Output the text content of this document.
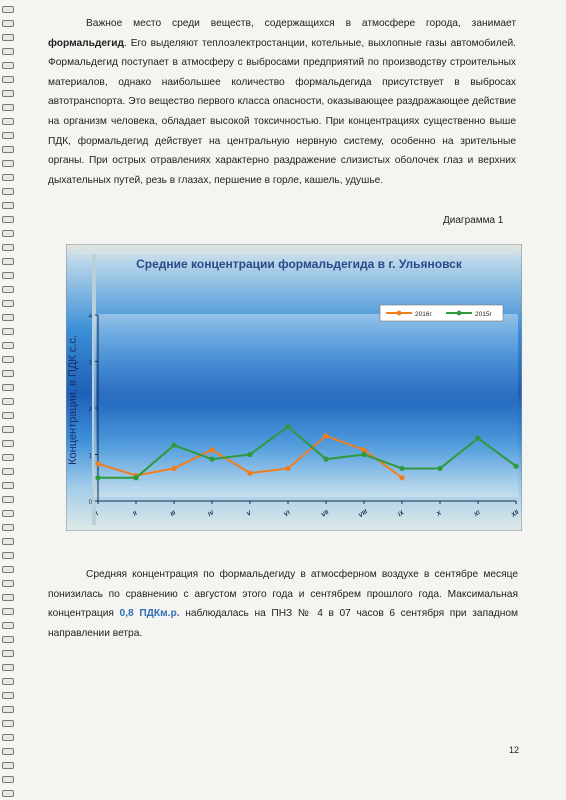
Важное место среди веществ, содержащихся в атмосфере города, занимает формальдегид. Его выделяют теплоэлектростанции, котельные, выхлопные газы автомобилей. Формальдегид поступает в атмосферу с выбросами предприятий по производству строительных материалов, однако наибольшее количество формальдегида присутствует в выбросах автотранспорта. Это вещество первого класса опасности, оказывающее раздражающее действие на организм человека, обладает высокой токсичностью. При концентрациях существенно выше ПДК, формальдегид действует на центральную нервную систему, особенно на зрительные органы. При острых отравлениях характерно раздражение слизистых оболочек глаз и верхних дыхательных путей, резь в глазах, першение в горле, кашель, удушье.

Диаграмма 1
Средние концентрации формальдегида в г. Ульяновск
Концентрации, в ПДК с.с.
0
1
2
3
4
I	II	III	IV	V	VI	VII	VIII	IX	X	XI	XII
2016г	2015г

Средняя концентрация по формальдегиду в атмосферном воздухе в сентябре месяце понизилась по сравнению с августом этого года и сентябрем прошлого года. Максимальная концентрация 0,8 ПДКм.р. наблюдалась на ПНЗ № 4 в 07 часов 6 сентября при западном направлении ветра.

12
